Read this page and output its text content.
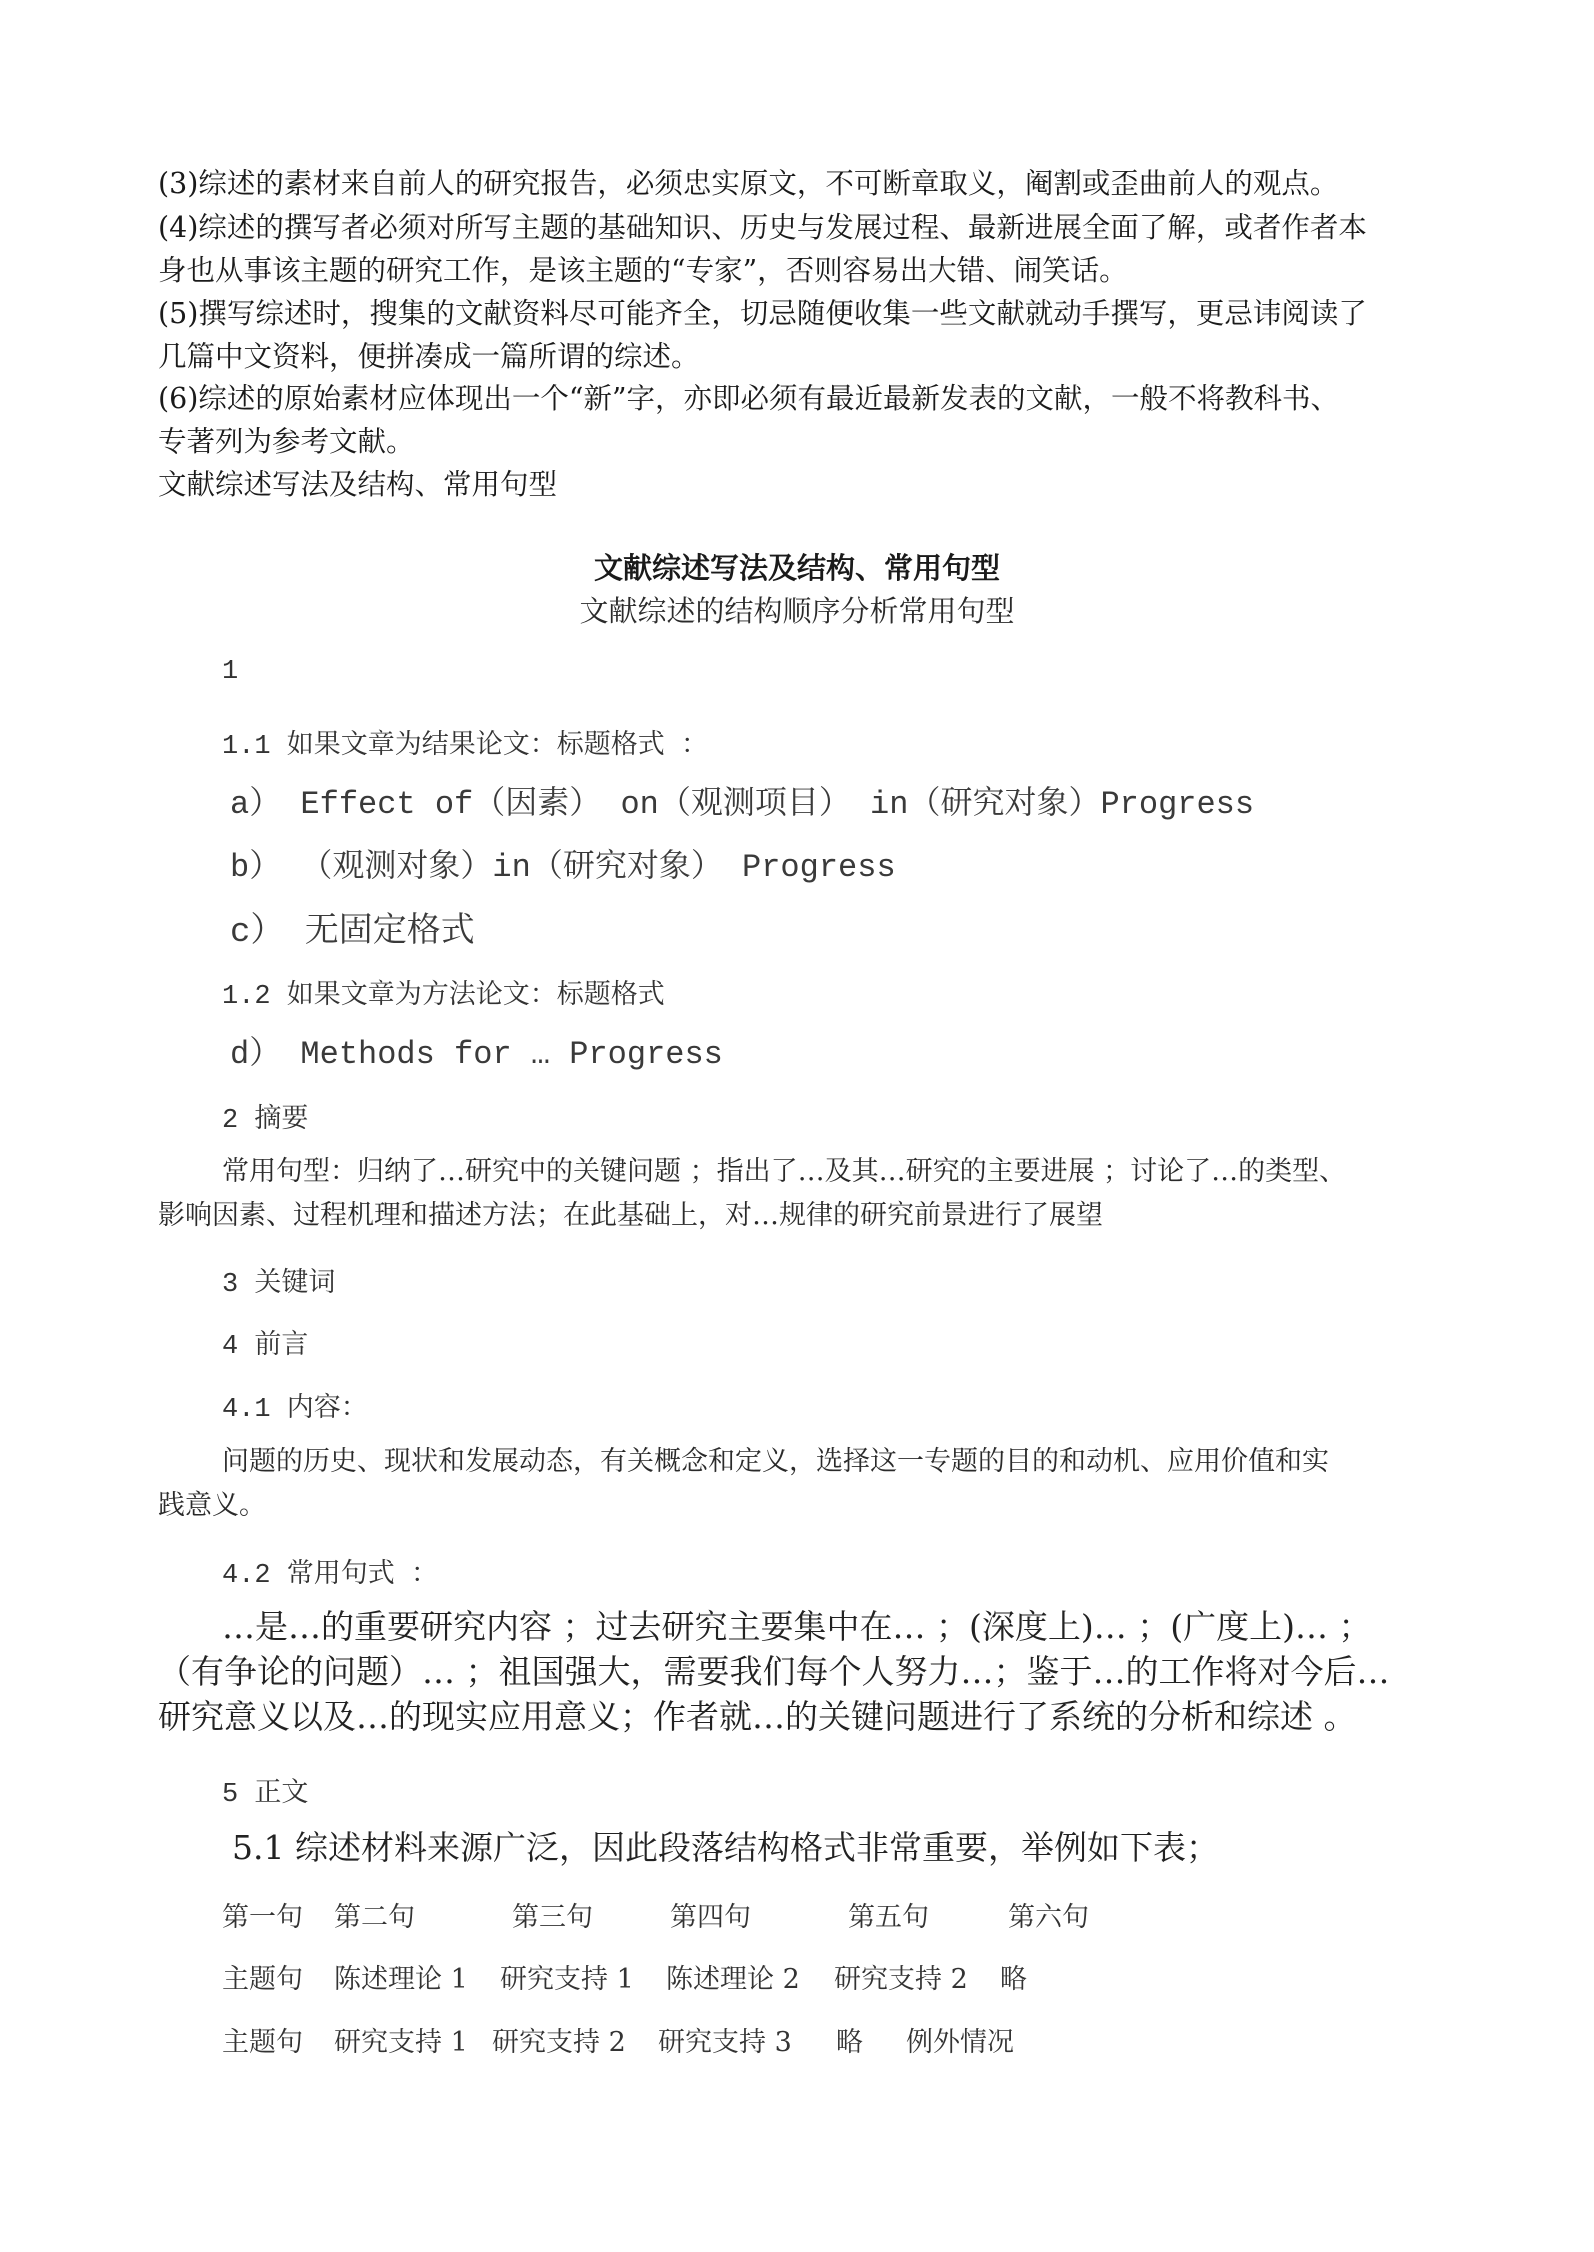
(3)综述的素材来自前人的研究报告，必须忠实原文，不可断章取义，阉割或歪曲前人的观点。
(4)综述的撰写者必须对所写主题的基础知识、历史与发展过程、最新进展全面了解，或者作者本
身也从事该主题的研究工作，是该主题的“专家”，否则容易出大错、闹笑话。
(5)撰写综述时，搜集的文献资料尽可能齐全，切忌随便收集一些文献就动手撰写，更忌讳阅读了
几篇中文资料，便拼凑成一篇所谓的综述。
(6)综述的原始素材应体现出一个“新”字，亦即必须有最近最新发表的文献，一般不将教科书、
专著列为参考文献。
文献综述写法及结构、常用句型
文献综述写法及结构、常用句型
文献综述的结构顺序分析常用句型
1
1.1 如果文章为结果论文：标题格式 ：
a） Effect of（因素） on（观测项目） in（研究对象）Progress
b） （观测对象）in（研究对象） Progress
c） 无固定格式
1.2 如果文章为方法论文：标题格式
d） Methods for … Progress
2 摘要
常用句型：归纳了…研究中的关键问题 ；指出了…及其…研究的主要进展 ；讨论了…的类型、
影响因素、过程机理和描述方法；在此基础上，对…规律的研究前景进行了展望
3 关键词
4 前言
4.1 内容：
问题的历史、现状和发展动态，有关概念和定义，选择这一专题的目的和动机、应用价值和实
践意义。
4.2 常用句式 ：
…是…的重要研究内容 ；过去研究主要集中在… ；(深度上)… ；(广度上)… ；
（有争论的问题）… ；祖国强大，需要我们每个人努力…；鉴于…的工作将对今后…
研究意义以及…的现实应用意义；作者就…的关键问题进行了系统的分析和综述 。
5 正文
5.1 综述材料来源广泛，因此段落结构格式非常重要，举例如下表；
第一句 第二句	第三句	第四句	第五句	第六句
主题句 陈述理论 1 研究支持 1 陈述理论 2 研究支持 2 略
主题句 研究支持 1 研究支持 2 研究支持 3 略 例外情况
